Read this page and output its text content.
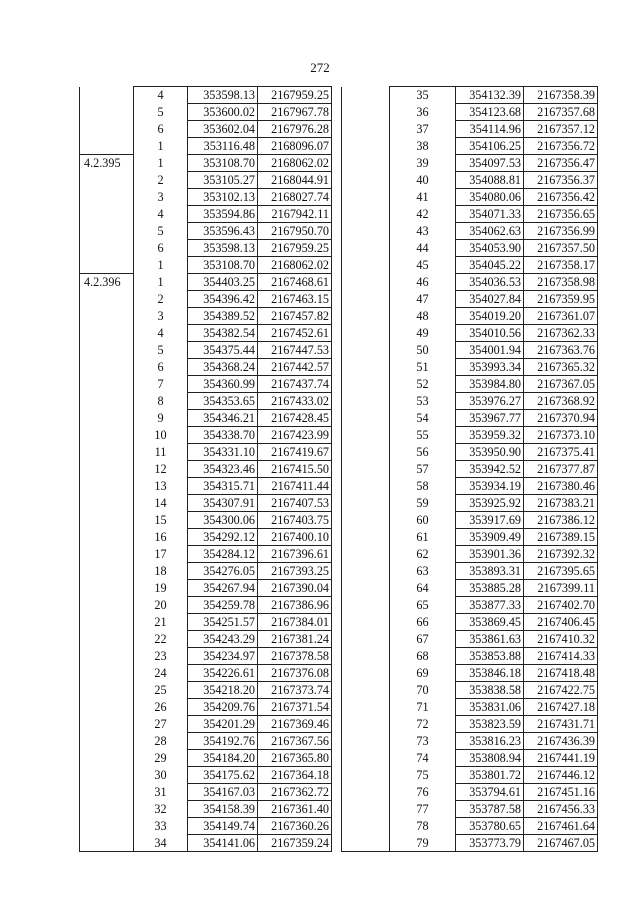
272
	4	353598.13	2167959.25
	5	353600.02	2167967.78
	6	353602.04	2167976.28
	1	353116.48	2168096.07
4.2.395	1	353108.70	2168062.02
	2	353105.27	2168044.91
	3	353102.13	2168027.74
	4	353594.86	2167942.11
	5	353596.43	2167950.70
	6	353598.13	2167959.25
	1	353108.70	2168062.02
4.2.396	1	354403.25	2167468.61
	2	354396.42	2167463.15
	3	354389.52	2167457.82
	4	354382.54	2167452.61
	5	354375.44	2167447.53
	6	354368.24	2167442.57
	7	354360.99	2167437.74
	8	354353.65	2167433.02
	9	354346.21	2167428.45
	10	354338.70	2167423.99
	11	354331.10	2167419.67
	12	354323.46	2167415.50
	13	354315.71	2167411.44
	14	354307.91	2167407.53
	15	354300.06	2167403.75
	16	354292.12	2167400.10
	17	354284.12	2167396.61
	18	354276.05	2167393.25
	19	354267.94	2167390.04
	20	354259.78	2167386.96
	21	354251.57	2167384.01
	22	354243.29	2167381.24
	23	354234.97	2167378.58
	24	354226.61	2167376.08
	25	354218.20	2167373.74
	26	354209.76	2167371.54
	27	354201.29	2167369.46
	28	354192.76	2167367.56
	29	354184.20	2167365.80
	30	354175.62	2167364.18
	31	354167.03	2167362.72
	32	354158.39	2167361.40
	33	354149.74	2167360.26
	34	354141.06	2167359.24
	35	354132.39	2167358.39
	36	354123.68	2167357.68
	37	354114.96	2167357.12
	38	354106.25	2167356.72
	39	354097.53	2167356.47
	40	354088.81	2167356.37
	41	354080.06	2167356.42
	42	354071.33	2167356.65
	43	354062.63	2167356.99
	44	354053.90	2167357.50
	45	354045.22	2167358.17
	46	354036.53	2167358.98
	47	354027.84	2167359.95
	48	354019.20	2167361.07
	49	354010.56	2167362.33
	50	354001.94	2167363.76
	51	353993.34	2167365.32
	52	353984.80	2167367.05
	53	353976.27	2167368.92
	54	353967.77	2167370.94
	55	353959.32	2167373.10
	56	353950.90	2167375.41
	57	353942.52	2167377.87
	58	353934.19	2167380.46
	59	353925.92	2167383.21
	60	353917.69	2167386.12
	61	353909.49	2167389.15
	62	353901.36	2167392.32
	63	353893.31	2167395.65
	64	353885.28	2167399.11
	65	353877.33	2167402.70
	66	353869.45	2167406.45
	67	353861.63	2167410.32
	68	353853.88	2167414.33
	69	353846.18	2167418.48
	70	353838.58	2167422.75
	71	353831.06	2167427.18
	72	353823.59	2167431.71
	73	353816.23	2167436.39
	74	353808.94	2167441.19
	75	353801.72	2167446.12
	76	353794.61	2167451.16
	77	353787.58	2167456.33
	78	353780.65	2167461.64
	79	353773.79	2167467.05
